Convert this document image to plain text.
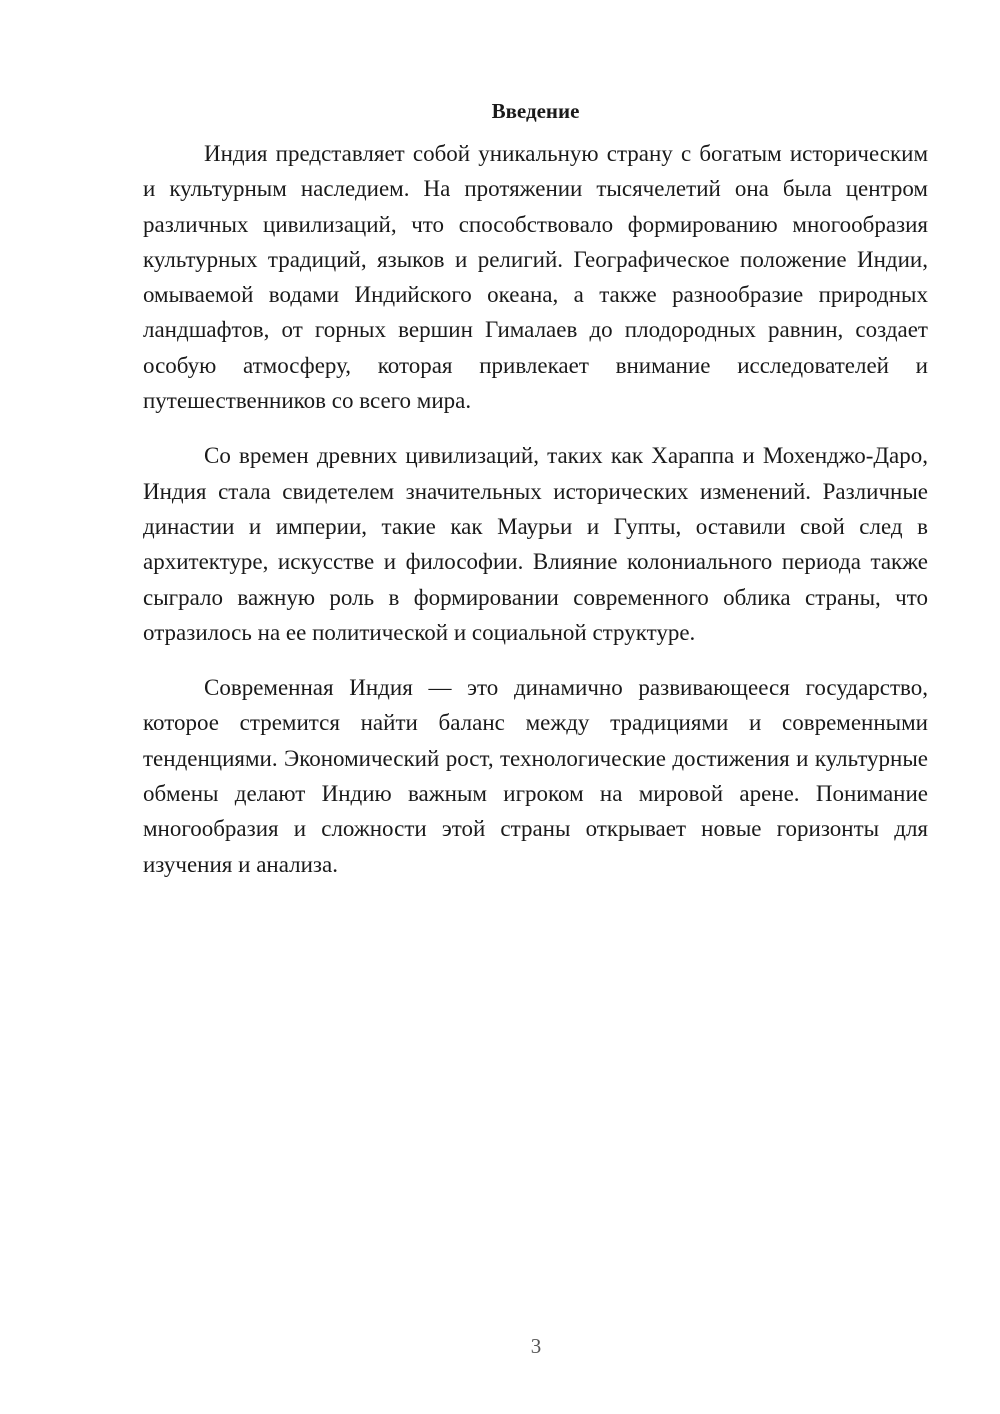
Введение

Индия представляет собой уникальную страну с богатым историческим и культурным наследием. На протяжении тысячелетий она была центром различных цивилизаций, что способствовало формированию многообразия культурных традиций, языков и религий. Географическое положение Индии, омываемой водами Индийского океана, а также разнообразие природных ландшафтов, от горных вершин Гималаев до плодородных равнин, создает особую атмосферу, которая привлекает внимание исследователей и путешественников со всего мира.

Со времен древних цивилизаций, таких как Хараппа и Мохенджо-Даро, Индия стала свидетелем значительных исторических изменений. Различные династии и империи, такие как Маурьи и Гупты, оставили свой след в архитектуре, искусстве и философии. Влияние колониального периода также сыграло важную роль в формировании современного облика страны, что отразилось на ее политической и социальной структуре.

Современная Индия — это динамично развивающееся государство, которое стремится найти баланс между традициями и современными тенденциями. Экономический рост, технологические достижения и культурные обмены делают Индию важным игроком на мировой арене. Понимание многообразия и сложности этой страны открывает новые горизонты для изучения и анализа.

3
